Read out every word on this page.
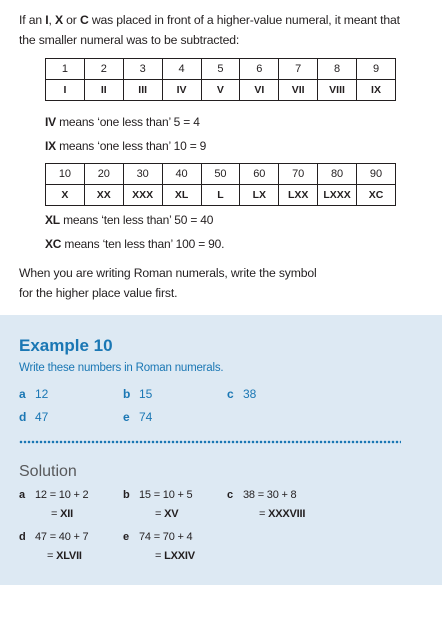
If an I, X or C was placed in front of a higher-value numeral, it meant that
the smaller numeral was to be subtracted:
1	2	3	4	5	6	7	8	9
I	II	III	IV	V	VI	VII	VIII	IX
IV means ‘one less than’ 5 = 4
IX means ‘one less than’ 10 = 9
10	20	30	40	50	60	70	80	90
X	XX	XXX	XL	L	LX	LXX	LXXX	XC
XL means ‘ten less than’ 50 = 40
XC means ‘ten less than’ 100 = 90.
When you are writing Roman numerals, write the symbol
for the higher place value first.
Example 10
Write these numbers in Roman numerals.
a 12	b 15	c 38
d 47	e 74
Solution
a 12 = 10 + 2
= XII
b 15 = 10 + 5
= XV
c 38 = 30 + 8
= XXXVIII
d 47 = 40 + 7
= XLVII
e 74 = 70 + 4
= LXXIV
